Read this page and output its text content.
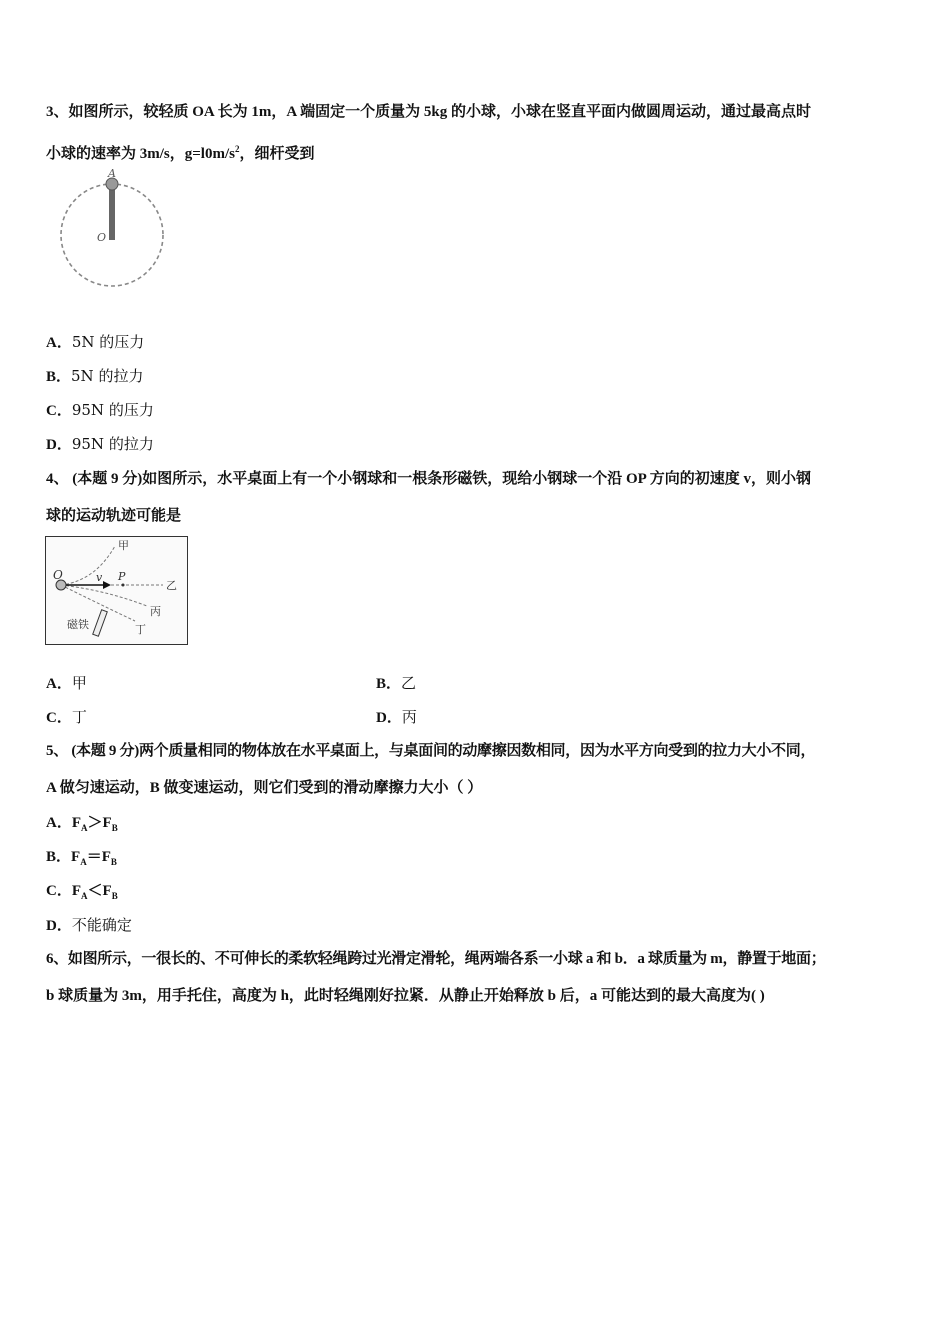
3、如图所示，较轻质 OA 长为 1m，A 端固定一个质量为 5kg 的小球，小球在竖直平面内做圆周运动，通过最高点时
小球的速率为 3m/s，$g=l0m/s^2$，细杆受到
A
O
A．5N 的压力
B．5N 的拉力
C．95N 的压力
D．95N 的拉力
4、 (本题 9 分)如图所示，水平桌面上有一个小钢球和一根条形磁铁，现给小钢球一个沿 OP 方向的初速度 v，则小钢
球的运动轨迹可能是
O	v P
甲
乙
丙
丁
磁铁
A．甲	B．乙
C．丁	D．丙
5、 (本题 9 分)两个质量相同的物体放在水平桌面上，与桌面间的动摩擦因数相同，因为水平方向受到的拉力大小不同，
A 做匀速运动，B 做变速运动，则它们受到的滑动摩擦力大小（ ）
A．$F_A>F_B$
B．$F_A=F_B$
C．$F_A<F_B$
D．不能确定
6、如图所示，一很长的、不可伸长的柔软轻绳跨过光滑定滑轮，绳两端各系一小球 a 和 b．a 球质量为 m，静置于地面；
b 球质量为 3m，用手托住，高度为 h，此时轻绳刚好拉紧．从静止开始释放 b 后，a 可能达到的最大高度为( )
